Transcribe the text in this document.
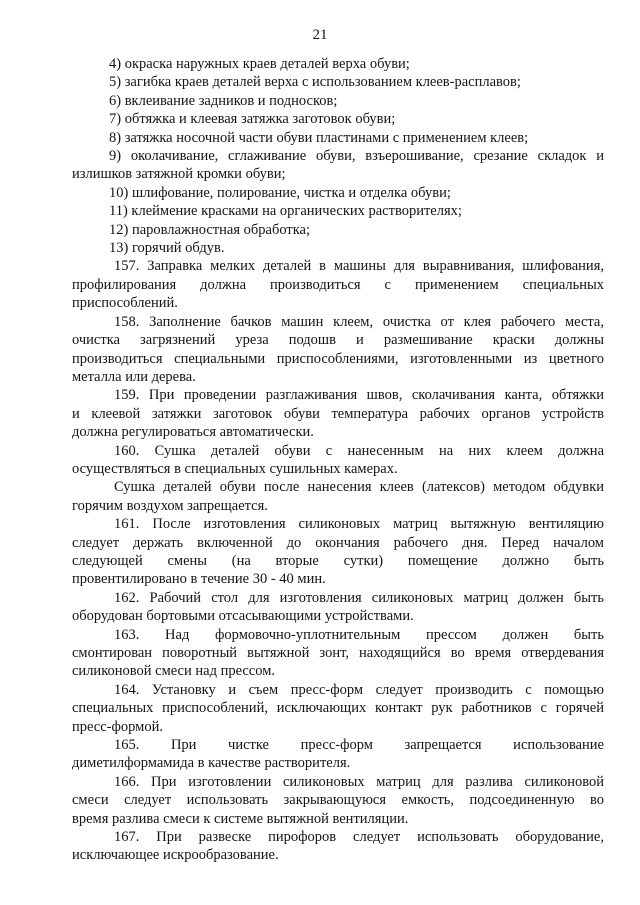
21
4) окраска наружных краев деталей верха обуви;
5) загибка краев деталей верха с использованием клеев-расплавов;
6) вклеивание задников и подносков;
7) обтяжка и клеевая затяжка заготовок обуви;
8) затяжка носочной части обуви пластинами с применением клеев;
9) околачивание, сглаживание обуви, взъерошивание, срезание складок и
излишков затяжной кромки обуви;
10) шлифование, полирование, чистка и отделка обуви;
11) клеймение красками на органических растворителях;
12) паровлажностная обработка;
13) горячий обдув.
157. Заправка мелких деталей в машины для выравнивания, шлифования,
профилирования должна производиться с применением специальных
приспособлений.
158. Заполнение бачков машин клеем, очистка от клея рабочего места,
очистка загрязнений уреза подошв и размешивание краски должны
производиться специальными приспособлениями, изготовленными из цветного
металла или дерева.
159. При проведении разглаживания швов, сколачивания канта, обтяжки
и клеевой затяжки заготовок обуви температура рабочих органов устройств
должна регулироваться автоматически.
160. Сушка деталей обуви с нанесенным на них клеем должна
осуществляться в специальных сушильных камерах.
Сушка деталей обуви после нанесения клеев (латексов) методом обдувки
горячим воздухом запрещается.
161. После изготовления силиконовых матриц вытяжную вентиляцию
следует держать включенной до окончания рабочего дня. Перед началом
следующей смены (на вторые сутки) помещение должно быть
провентилировано в течение 30 - 40 мин.
162. Рабочий стол для изготовления силиконовых матриц должен быть
оборудован бортовыми отсасывающими устройствами.
163. Над формовочно-уплотнительным прессом должен быть
смонтирован поворотный вытяжной зонт, находящийся во время отвердевания
силиконовой смеси над прессом.
164. Установку и съем пресс-форм следует производить с помощью
специальных приспособлений, исключающих контакт рук работников с горячей
пресс-формой.
165. При чистке пресс-форм запрещается использование
диметилформамида в качестве растворителя.
166. При изготовлении силиконовых матриц для разлива силиконовой
смеси следует использовать закрывающуюся емкость, подсоединенную во
время разлива смеси к системе вытяжной вентиляции.
167. При развеске пирофоров следует использовать оборудование,
исключающее искрообразование.
